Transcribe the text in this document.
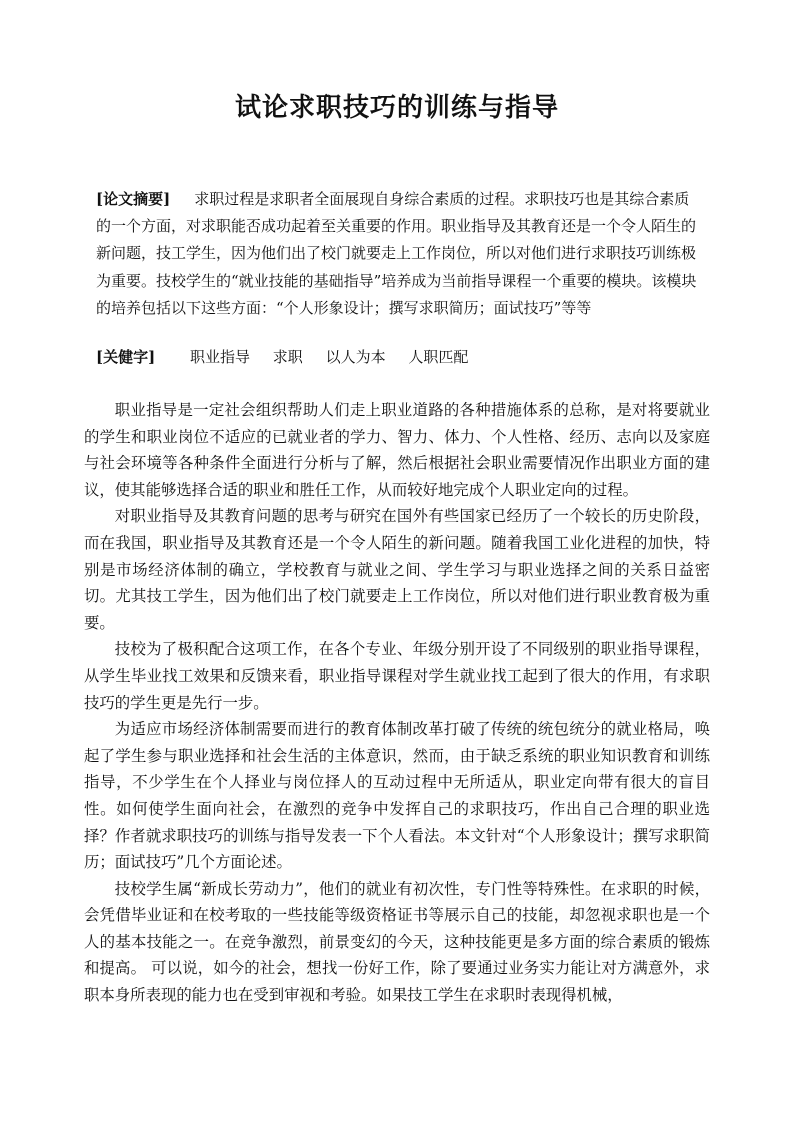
试论求职技巧的训练与指导

[论文摘要] 求职过程是求职者全面展现自身综合素质的过程。求职技巧也是其综合素质的一个方面，对求职能否成功起着至关重要的作用。职业指导及其教育还是一个令人陌生的新问题，技工学生，因为他们出了校门就要走上工作岗位，所以对他们进行求职技巧训练极为重要。技校学生的“就业技能的基础指导”培养成为当前指导课程一个重要的模块。该模块的培养包括以下这些方面：“个人形象设计；撰写求职简历；面试技巧”等等

[关健字] 职业指导 求职 以人为本 人职匹配

职业指导是一定社会组织帮助人们走上职业道路的各种措施体系的总称，是对将要就业的学生和职业岗位不适应的已就业者的学力、智力、体力、个人性格、经历、志向以及家庭与社会环境等各种条件全面进行分析与了解，然后根据社会职业需要情况作出职业方面的建议，使其能够选择合适的职业和胜任工作，从而较好地完成个人职业定向的过程。

对职业指导及其教育问题的思考与研究在国外有些国家已经历了一个较长的历史阶段，而在我国，职业指导及其教育还是一个令人陌生的新问题。随着我国工业化进程的加快，特别是市场经济体制的确立，学校教育与就业之间、学生学习与职业选择之间的关系日益密切。尤其技工学生，因为他们出了校门就要走上工作岗位，所以对他们进行职业教育极为重要。

技校为了极积配合这项工作，在各个专业、年级分别开设了不同级别的职业指导课程，从学生毕业找工效果和反馈来看，职业指导课程对学生就业找工起到了很大的作用，有求职技巧的学生更是先行一步。

为适应市场经济体制需要而进行的教育体制改革打破了传统的统包统分的就业格局，唤起了学生参与职业选择和社会生活的主体意识，然而，由于缺乏系统的职业知识教育和训练指导，不少学生在个人择业与岗位择人的互动过程中无所适从，职业定向带有很大的盲目性。如何使学生面向社会，在激烈的竞争中发挥自己的求职技巧，作出自己合理的职业选择？作者就求职技巧的训练与指导发表一下个人看法。本文针对“个人形象设计；撰写求职简历；面试技巧”几个方面论述。

技校学生属“新成长劳动力”，他们的就业有初次性，专门性等特殊性。在求职的时候，会凭借毕业证和在校考取的一些技能等级资格证书等展示自己的技能，却忽视求职也是一个人的基本技能之一。在竞争激烈，前景变幻的今天，这种技能更是多方面的综合素质的锻炼和提高。 可以说，如今的社会，想找一份好工作，除了要通过业务实力能让对方满意外，求职本身所表现的能力也在受到审视和考验。如果技工学生在求职时表现得机械，
